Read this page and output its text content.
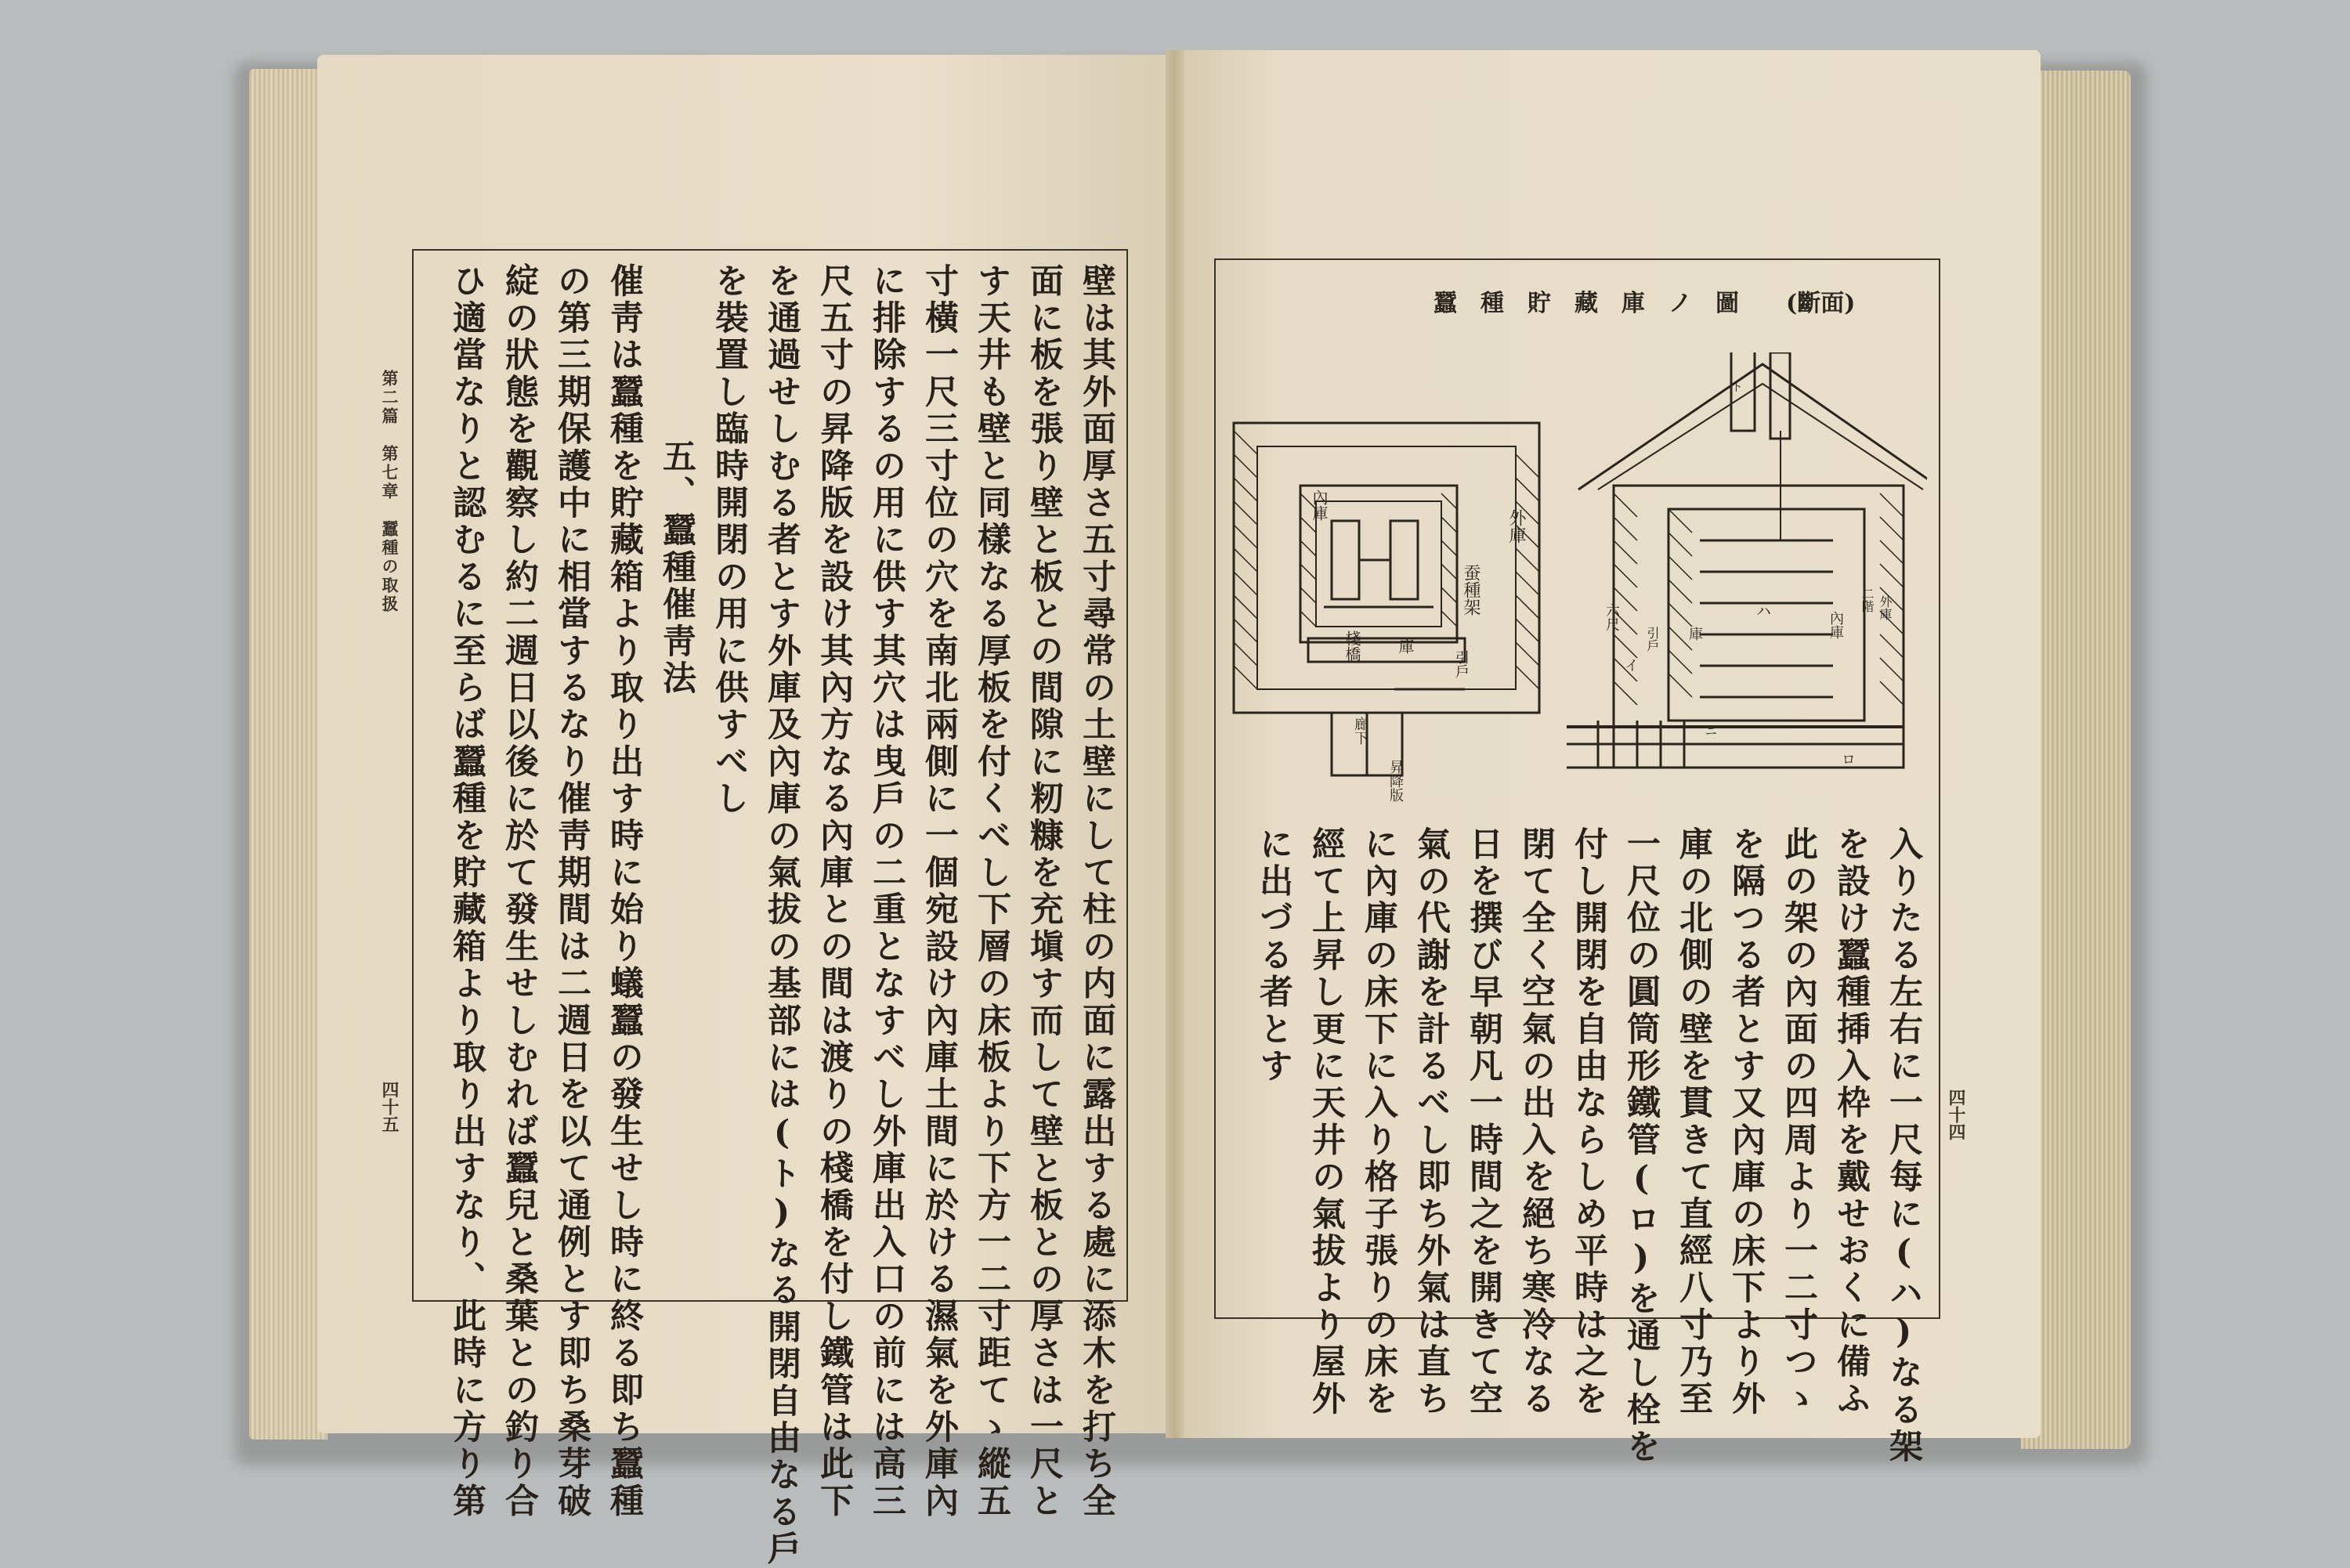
第二篇　第七章　蠶種の取扱
四十五	壁は其外面厚さ五寸尋常の土壁にして柱の内面に露出する處に添木を打ち全
面に板を張り壁と板との間隙に籾糠を充塡す而して壁と板との厚さは一尺と
す天井も壁と同樣なる厚板を付くべし下層の床板より下方一二寸距てゝ縱五
寸橫一尺三寸位の穴を南北兩側に一個宛設け內庫土間に於ける濕氣を外庫內
に排除するの用に供す其穴は曳戶の二重となすべし外庫出入口の前には高三
尺五寸の昇降版を設け其內方なる內庫との間は渡りの棧橋を付し鐵管は此下
を通過せしむる者とす外庫及內庫の氣拔の基部には(ト)なる開閉自由なる戶
を裝置し臨時開閉の用に供すべし
五、蠶種催靑法
催靑は蠶種を貯藏箱より取り出す時に始り蟻蠶の發生せし時に終る即ち蠶種
の第三期保護中に相當するなり催靑期間は二週日を以て通例とす即ち桑芽破
綻の狀態を觀察し約二週日以後に於て發生せしむれば蠶兒と桑葉との釣り合
ひ適當なりと認むるに至らば蠶種を貯藏箱より取り出すなり、此時に方り第	四十四
蠶種貯藏庫ノ圖 (斷面)
內庫
外庫
蚕種架
棧橋 庫
引戶
廊下
昇降版
六尺
イ
引戶 庫
ハ	內庫
二階 外庫
ニ
ロ
ト
入りたる左右に一尺每に(ハ)なる架
を設け蠶種揷入枠を戴せおくに備ふ
此の架の內面の四周より一二寸つゝ
を隔つる者とす又內庫の床下より外
庫の北側の壁を貫きて直經八寸乃至
一尺位の圓筒形鐵管(ロ)を通し栓を
付し開閉を自由ならしめ平時は之を
閉て全く空氣の出入を絕ち寒冷なる
日を撰び早朝凡一時間之を開きて空
氣の代謝を計るべし即ち外氣は直ち
に內庫の床下に入り格子張りの床を
經て上昇し更に天井の氣拔より屋外
に出づる者とす
